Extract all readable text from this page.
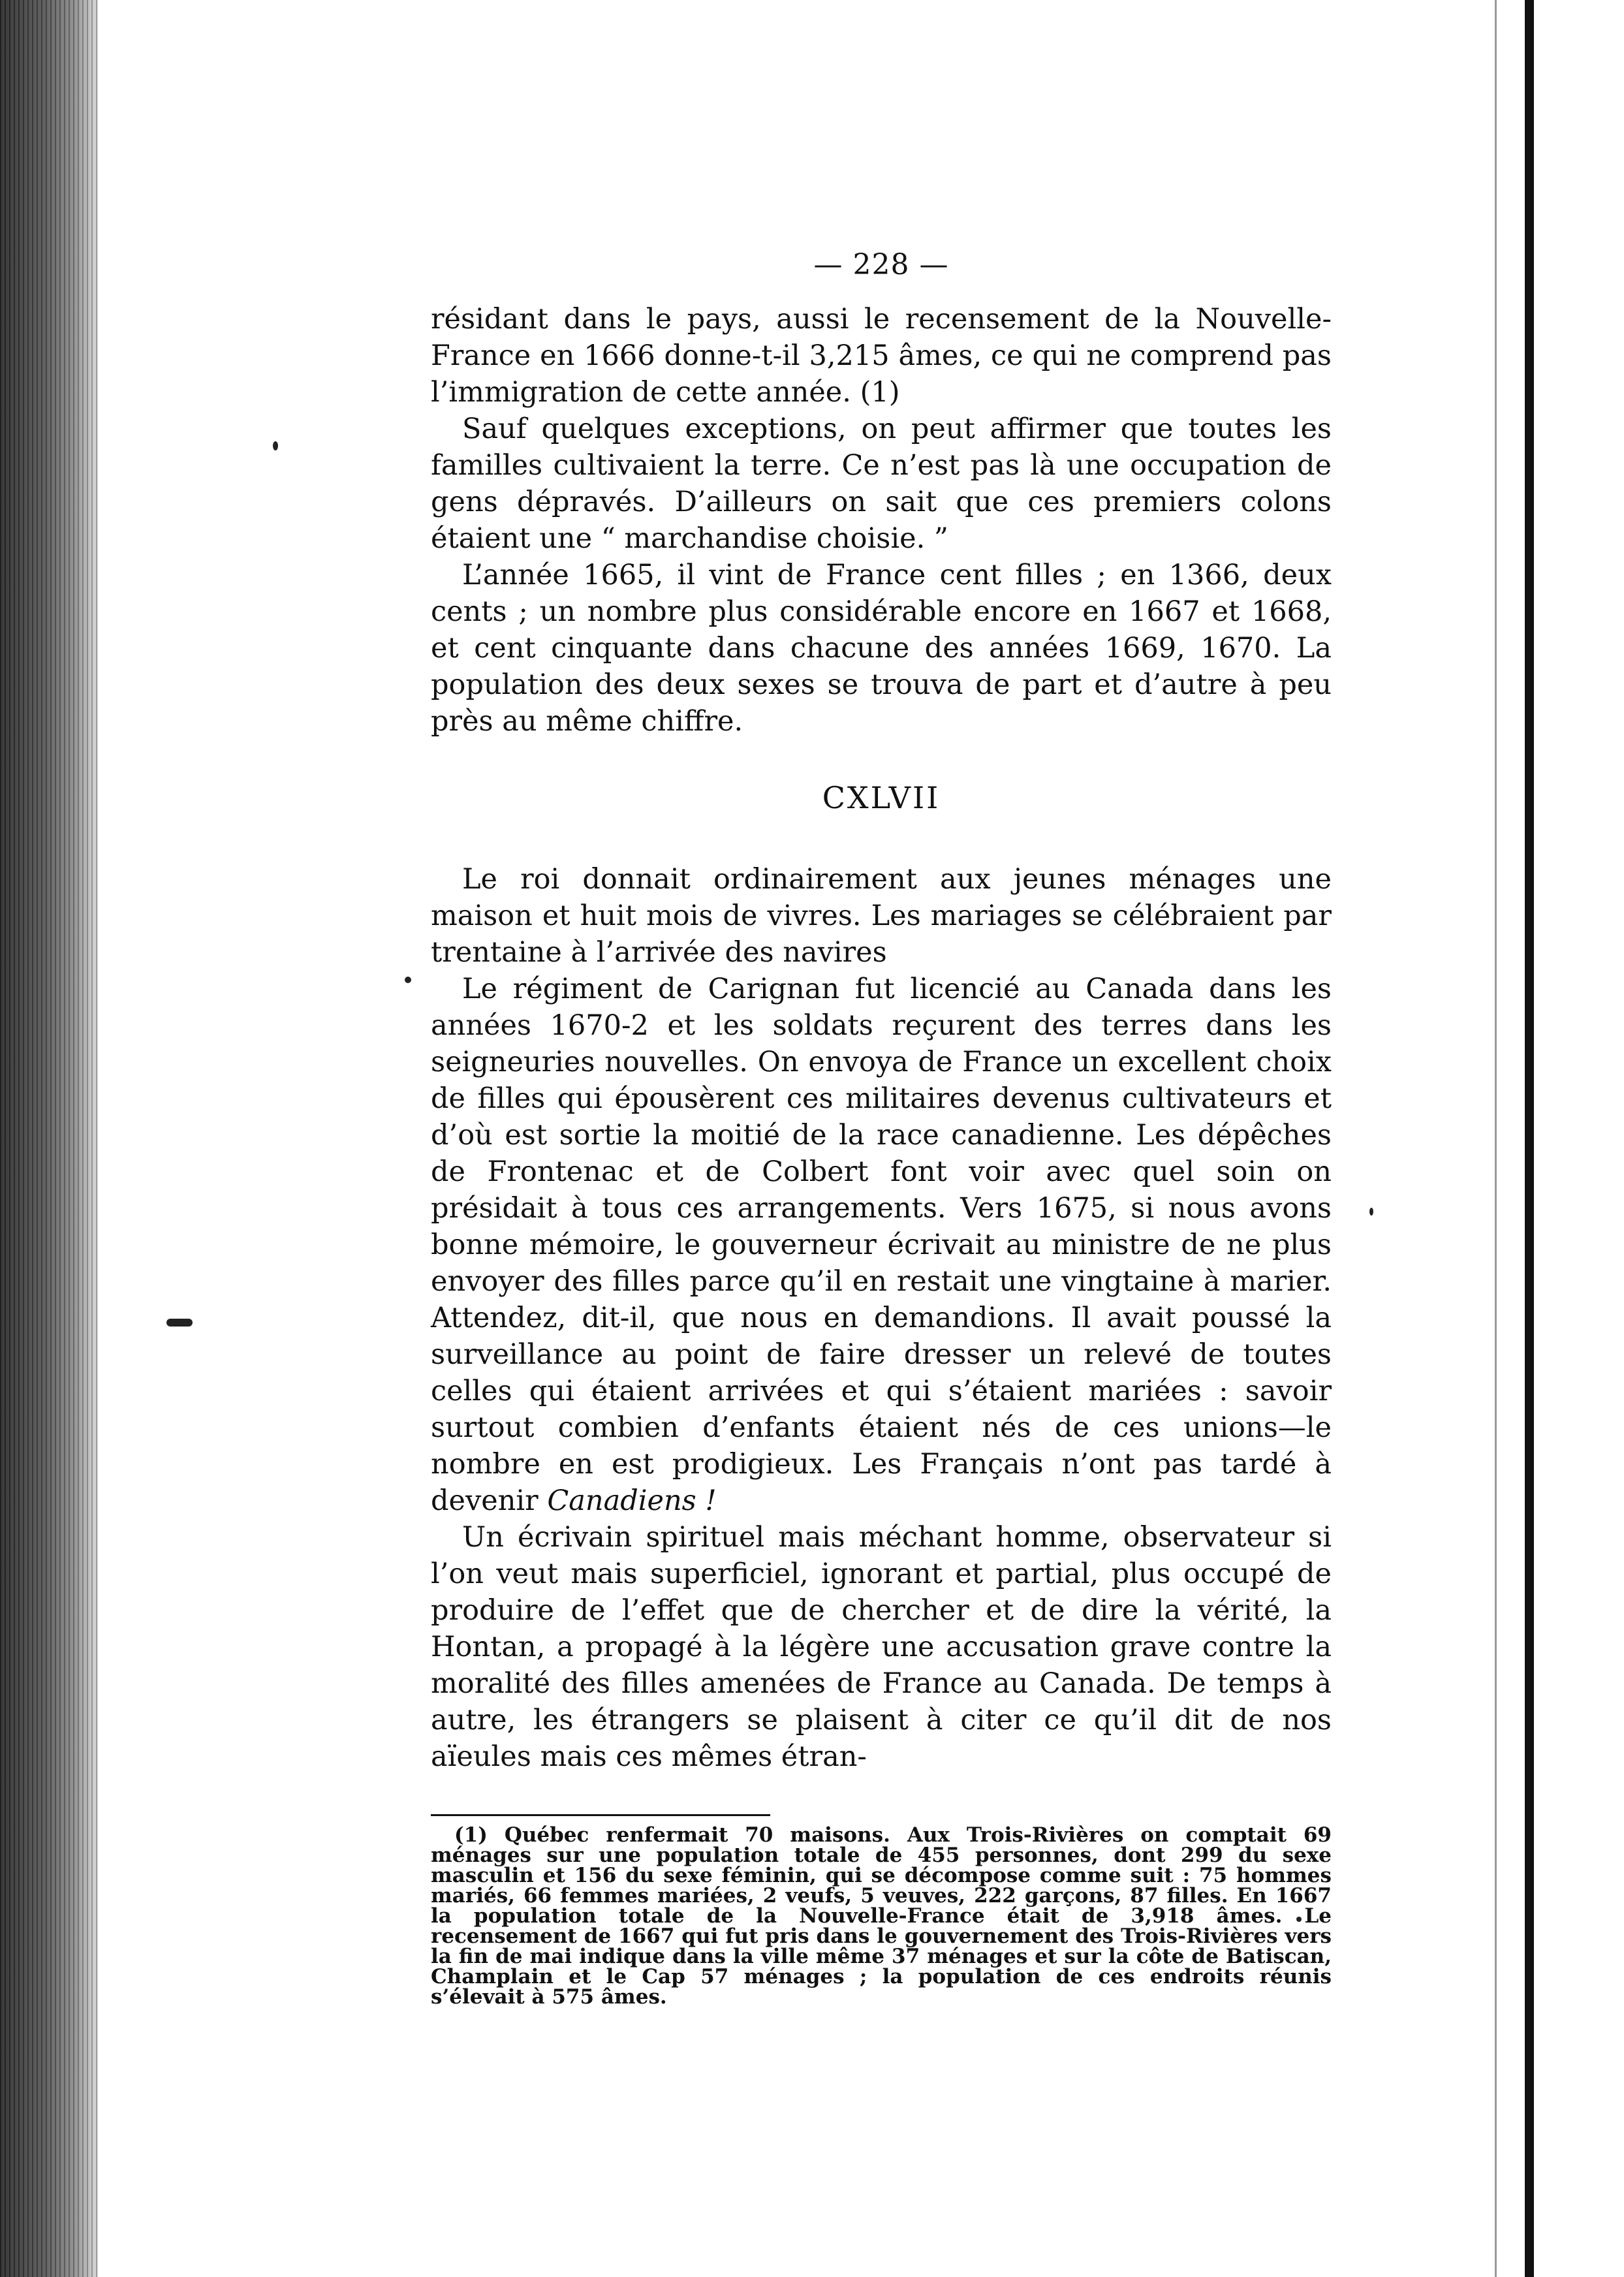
— 228 —

résidant dans le pays, aussi le recensement de la Nouvelle-France en 1666 donne-t-il 3,215 âmes, ce qui ne comprend pas l’immigration de cette année. (1)

Sauf quelques exceptions, on peut affirmer que toutes les familles cultivaient la terre. Ce n’est pas là une occupation de gens dépravés. D’ailleurs on sait que ces premiers colons étaient une “ marchandise choisie. ”

L’année 1665, il vint de France cent filles ; en 1366, deux cents ; un nombre plus considérable encore en 1667 et 1668, et cent cinquante dans chacune des années 1669, 1670. La population des deux sexes se trouva de part et d’autre à peu près au même chiffre.

CXLVII

Le roi donnait ordinairement aux jeunes ménages une maison et huit mois de vivres. Les mariages se célébraient par trentaine à l’arrivée des navires

Le régiment de Carignan fut licencié au Canada dans les années 1670-2 et les soldats reçurent des terres dans les seigneuries nouvelles. On envoya de France un excellent choix de filles qui épousèrent ces militaires devenus cultivateurs et d’où est sortie la moitié de la race canadienne. Les dépêches de Frontenac et de Colbert font voir avec quel soin on présidait à tous ces arrangements. Vers 1675, si nous avons bonne mémoire, le gouverneur écrivait au ministre de ne plus envoyer des filles parce qu’il en restait une vingtaine à marier. Attendez, dit-il, que nous en demandions. Il avait poussé la surveillance au point de faire dresser un relevé de toutes celles qui étaient arrivées et qui s’étaient mariées : savoir surtout combien d’enfants étaient nés de ces unions—le nombre en est prodigieux. Les Français n’ont pas tardé à devenir Canadiens !

Un écrivain spirituel mais méchant homme, observateur si l’on veut mais superficiel, ignorant et partial, plus occupé de produire de l’effet que de chercher et de dire la vérité, la Hontan, a propagé à la légère une accusation grave contre la moralité des filles amenées de France au Canada. De temps à autre, les étrangers se plaisent à citer ce qu’il dit de nos aïeules mais ces mêmes étran-

(1) Québec renfermait 70 maisons. Aux Trois-Rivières on comptait 69 ménages sur une population totale de 455 personnes, dont 299 du sexe masculin et 156 du sexe féminin, qui se décompose comme suit : 75 hommes mariés, 66 femmes mariées, 2 veufs, 5 veuves, 222 garçons, 87 filles. En 1667 la population totale de la Nouvelle-France était de 3,918 âmes. Le recensement de 1667 qui fut pris dans le gouvernement des Trois-Rivières vers la fin de mai indique dans la ville même 37 ménages et sur la côte de Batiscan, Champlain et le Cap 57 ménages ; la population de ces endroits réunis s’élevait à 575 âmes.
